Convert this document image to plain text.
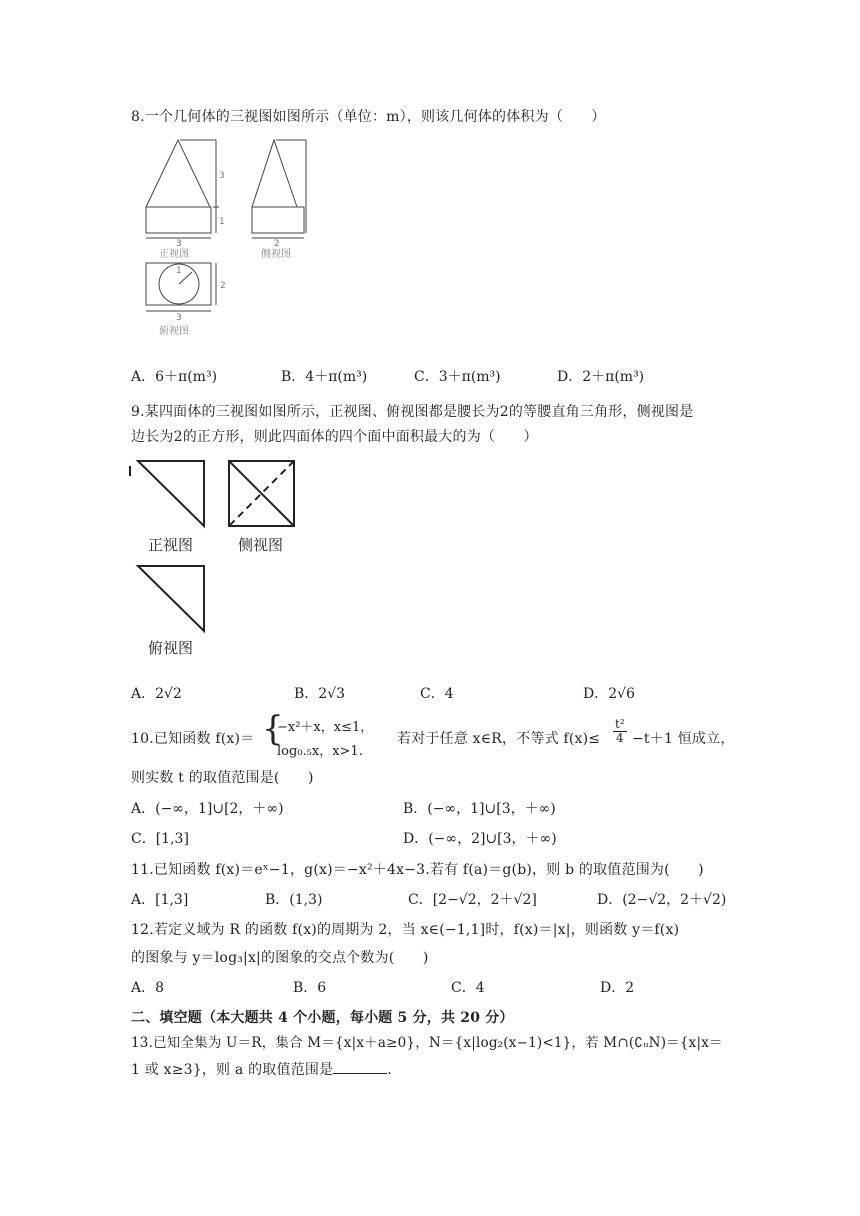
8.一个几何体的三视图如图所示（单位：m），则该几何体的体积为（　　）
3
1
3
1
2
3
正视图
俯视图
2
侧视图
A．6＋π(m³)	B．4＋π(m³)	C．3＋π(m³)	D．2＋π(m³)
9.某四面体的三视图如图所示，正视图、俯视图都是腰长为2的等腰直角三角形，侧视图是
边长为2的正方形，则此四面体的四个面中面积最大的为（　　）
正视图	侧视图
俯视图
A．2√2	B．2√3	C．4	D．2√6
10.已知函数 f(x)＝ {
−x²＋x，x≤1，
log₀.₅x，x>1.
若对于任意 x∈R，不等式 $f(x)\le \frac{\text{t²}}{4} -t+1$ 恒成立，
则实数 t 的取值范围是(　　)
A．(−∞，1]∪[2，＋∞)	B．(−∞，1]∪[3，＋∞)
C．[1,3]	D．(−∞，2]∪[3，＋∞)
11.已知函数 f(x)＝eˣ−1，g(x)＝−x²＋4x−3.若有 f(a)＝g(b)，则 b 的取值范围为(　　)
A．[1,3]	B．(1,3)	C．[2−√2，2＋√2]	D．(2−√2，2＋√2)
12.若定义域为 R 的函数 f(x)的周期为 2，当 x∈(−1,1]时，f(x)＝|x|，则函数 y＝f(x)
的图象与 y＝log₃|x|的图象的交点个数为(　　)
A．8	B．6	C．4	D．2
二、填空题（本大题共 4 个小题，每小题 5 分，共 20 分）
13.已知全集为 U＝R，集合 M＝{x|x＋a≥0}，N＝{x|log₂(x−1)<1}，若 M∩(∁ᵤN)＝{x|x＝
1 或 x≥3}，则 a 的取值范围是	.
